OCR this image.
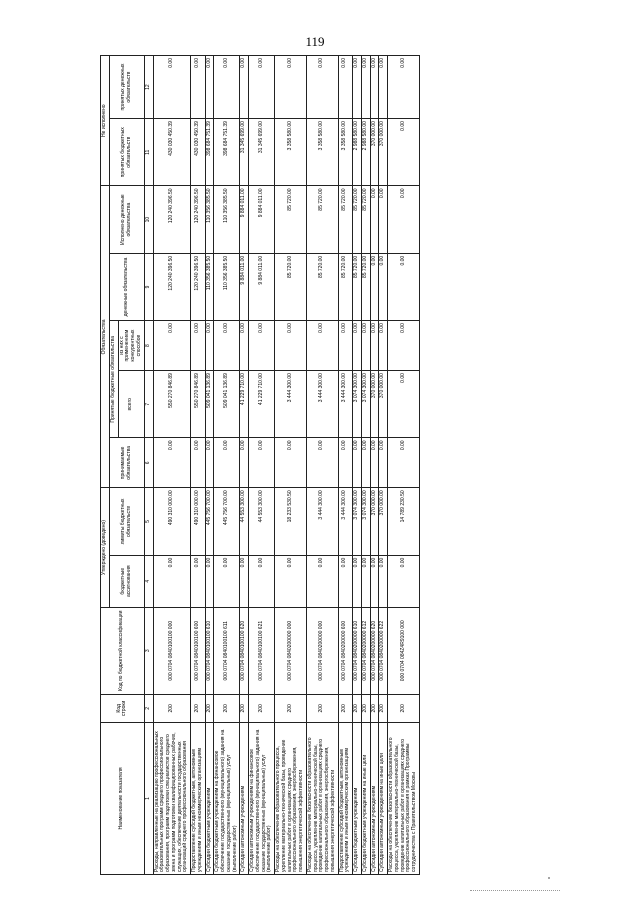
119
Наименование показателя	Код строки	Код по бюджетной классификации	Утверждено (доведено)		Обязательства					Не исполнено	
			бюджетные ассигнования	лимиты бюджетных обязательств	принимаемые обязательства	Принятые бюджетные обязательства		денежные обязательства	Исполнено денежные обязательства	принятых бюджетных обязательств	принятых денежных обязательств
						всего	из них с применением конкурентных способов				

1	2	3	4	5	6	7	8	9	10	11	12
Расходы, направленные на реализацию профессиональных образовательных программ среднего профессионального образования, программ подготовки специалистов среднего звена и программ подготовки квалифицированных рабочих, служащих, обеспечение деятельности государственных организаций среднего профессионального образования	200	000 0704 0840100100 000	0.00	490 310 000.00	0.00	550 270 846.89	0.00	120 240 396.50	120 240 396.50	430 030 450.39	0.00
Предоставление субсидий бюджетным, автономным учреждениям и иным некоммерческим организациям	200	000 0704 0840100100 600	0.00	490 310 000.00	0.00	550 270 846.89	0.00	120 240 396.50	120 240 396.50	430 030 450.39	0.00
Субсидии бюджетным учреждениям	200	000 0704 0840100100 610	0.00	445 756 700.00	0.00	509 041 136.89	0.00	110 356 385.50	110 356 385.50	398 684 751.39	0.00
Субсидии бюджетным учреждениям на финансовое обеспечение государственного (муниципального) задания на оказание государственных (муниципальных) услуг (выполнение работ)	200	000 0704 0840100100 611	0.00	445 756 700.00	0.00	509 041 136.89	0.00	110 356 385.50	110 356 385.50	398 684 751.39	0.00
Субсидии автономным учреждениям	200	000 0704 0840100100 620	0.00	44 553 300.00	0.00	41 229 710.00	0.00	9 884 011.00	9 884 011.00	31 345 699.00	0.00
Субсидии автономным учреждениям на финансовое обеспечение государственного (муниципального) задания на оказание государственных (муниципальных) услуг (выполнение работ)	200	000 0704 0840100100 621	0.00	44 553 300.00	0.00	41 229 710.00	0.00	9 884 011.00	9 884 011.00	31 345 699.00	0.00
Расходы на обеспечение образовательного процесса, укрепление материально-технической базы, проведение капитальных работ в организациях среднего профессионального образования, энергосбережения, повышения энергетической эффективности	200	000 0704 0840200000 000	0.00	18 233 530.50	0.00	3 444 300.00	0.00	85 720.00	85 720.00	3 358 580.00	0.00
Расходы на обеспечение безопасности образовательного процесса, укрепление материально-технической базы, проведение капитальных работ в организациях среднего профессионального образования, энергосбережения, повышения энергетической эффективности	200	000 0704 0840200000 000	0.00	3 444 300.00	0.00	3 444 300.00	0.00	85 720.00	85 720.00	3 358 580.00	0.00
Предоставление субсидий бюджетным, автономным учреждениям и иным некоммерческим организациям	200	000 0704 0840200000 600	0.00	3 444 300.00	0.00	3 444 300.00	0.00	85 720.00	85 720.00	3 358 580.00	0.00
Субсидии бюджетным учреждениям	200	000 0704 0840200000 610	0.00	3 074 300.00	0.00	3 074 300.00	0.00	85 720.00	85 720.00	2 988 580.00	0.00
Субсидии бюджетным учреждениям на иные цели	200	000 0704 0840200000 612	0.00	3 074 300.00	0.00	3 074 300.00	0.00	85 720.00	85 720.00	2 988 580.00	0.00
Субсидии автономным учреждениям	200	000 0704 0840200000 620	0.00	370 000.00	0.00	370 000.00	0.00	0.00	0.00	370 000.00	0.00
Субсидии автономным учреждениям на иные цели	200	000 0704 0840200000 622	0.00	370 000.00	0.00	370 000.00	0.00	0.00	0.00	370 000.00	0.00
Расходы на обеспечение безопасности образовательного процесса, укрепление материально-технической базы, проведение капитальных работ в организациях среднего профессионального образования в рамках Программы сотрудничества с Правительством Москвы	200	000 0704 084Z4R9100 000	0.00	14 789 230.50	0.00	0.00	0.00	0.00	0.00	0.00	0.00
